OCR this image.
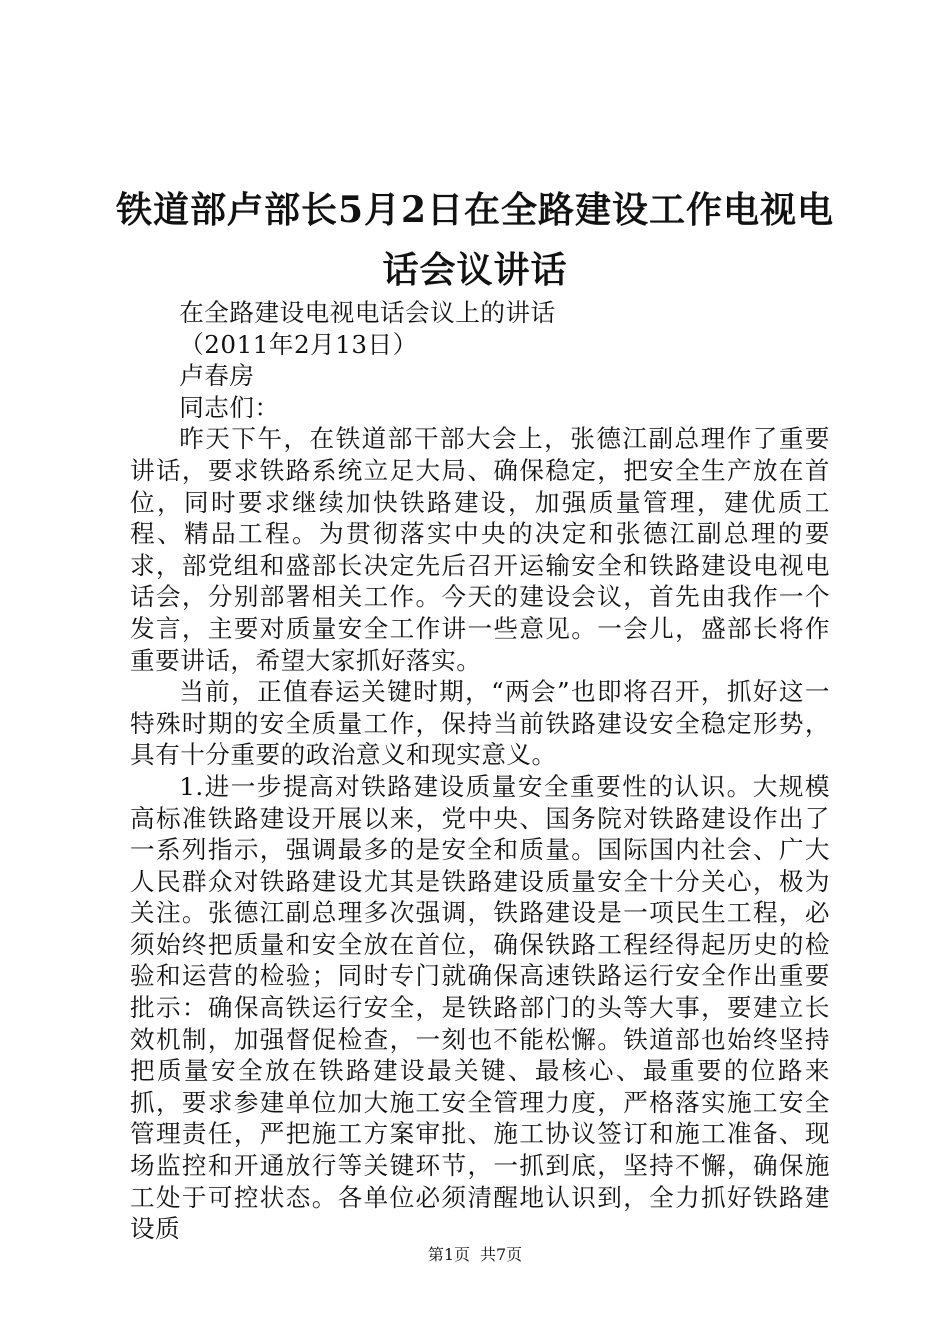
铁道部卢部长5月2日在全路建设工作电视电话会议讲话

在全路建设电视电话会议上的讲话

（2011年2月13日）

卢春房

同志们：

昨天下午，在铁道部干部大会上，张德江副总理作了重要讲话，要求铁路系统立足大局、确保稳定，把安全生产放在首位，同时要求继续加快铁路建设，加强质量管理，建优质工程、精品工程。为贯彻落实中央的决定和张德江副总理的要求，部党组和盛部长决定先后召开运输安全和铁路建设电视电话会，分别部署相关工作。今天的建设会议，首先由我作一个发言，主要对质量安全工作讲一些意见。一会儿，盛部长将作重要讲话，希望大家抓好落实。

当前，正值春运关键时期，“两会”也即将召开，抓好这一特殊时期的安全质量工作，保持当前铁路建设安全稳定形势，具有十分重要的政治意义和现实意义。

1.进一步提高对铁路建设质量安全重要性的认识。大规模高标准铁路建设开展以来，党中央、国务院对铁路建设作出了一系列指示，强调最多的是安全和质量。国际国内社会、广大人民群众对铁路建设尤其是铁路建设质量安全十分关心，极为关注。张德江副总理多次强调，铁路建设是一项民生工程，必须始终把质量和安全放在首位，确保铁路工程经得起历史的检验和运营的检验；同时专门就确保高速铁路运行安全作出重要批示：确保高铁运行安全，是铁路部门的头等大事，要建立长效机制，加强督促检查，一刻也不能松懈。铁道部也始终坚持把质量安全放在铁路建设最关键、最核心、最重要的位路来抓，要求参建单位加大施工安全管理力度，严格落实施工安全管理责任，严把施工方案审批、施工协议签订和施工准备、现场监控和开通放行等关键环节，一抓到底，坚持不懈，确保施工处于可控状态。各单位必须清醒地认识到，全力抓好铁路建设质

第1页 共7页
